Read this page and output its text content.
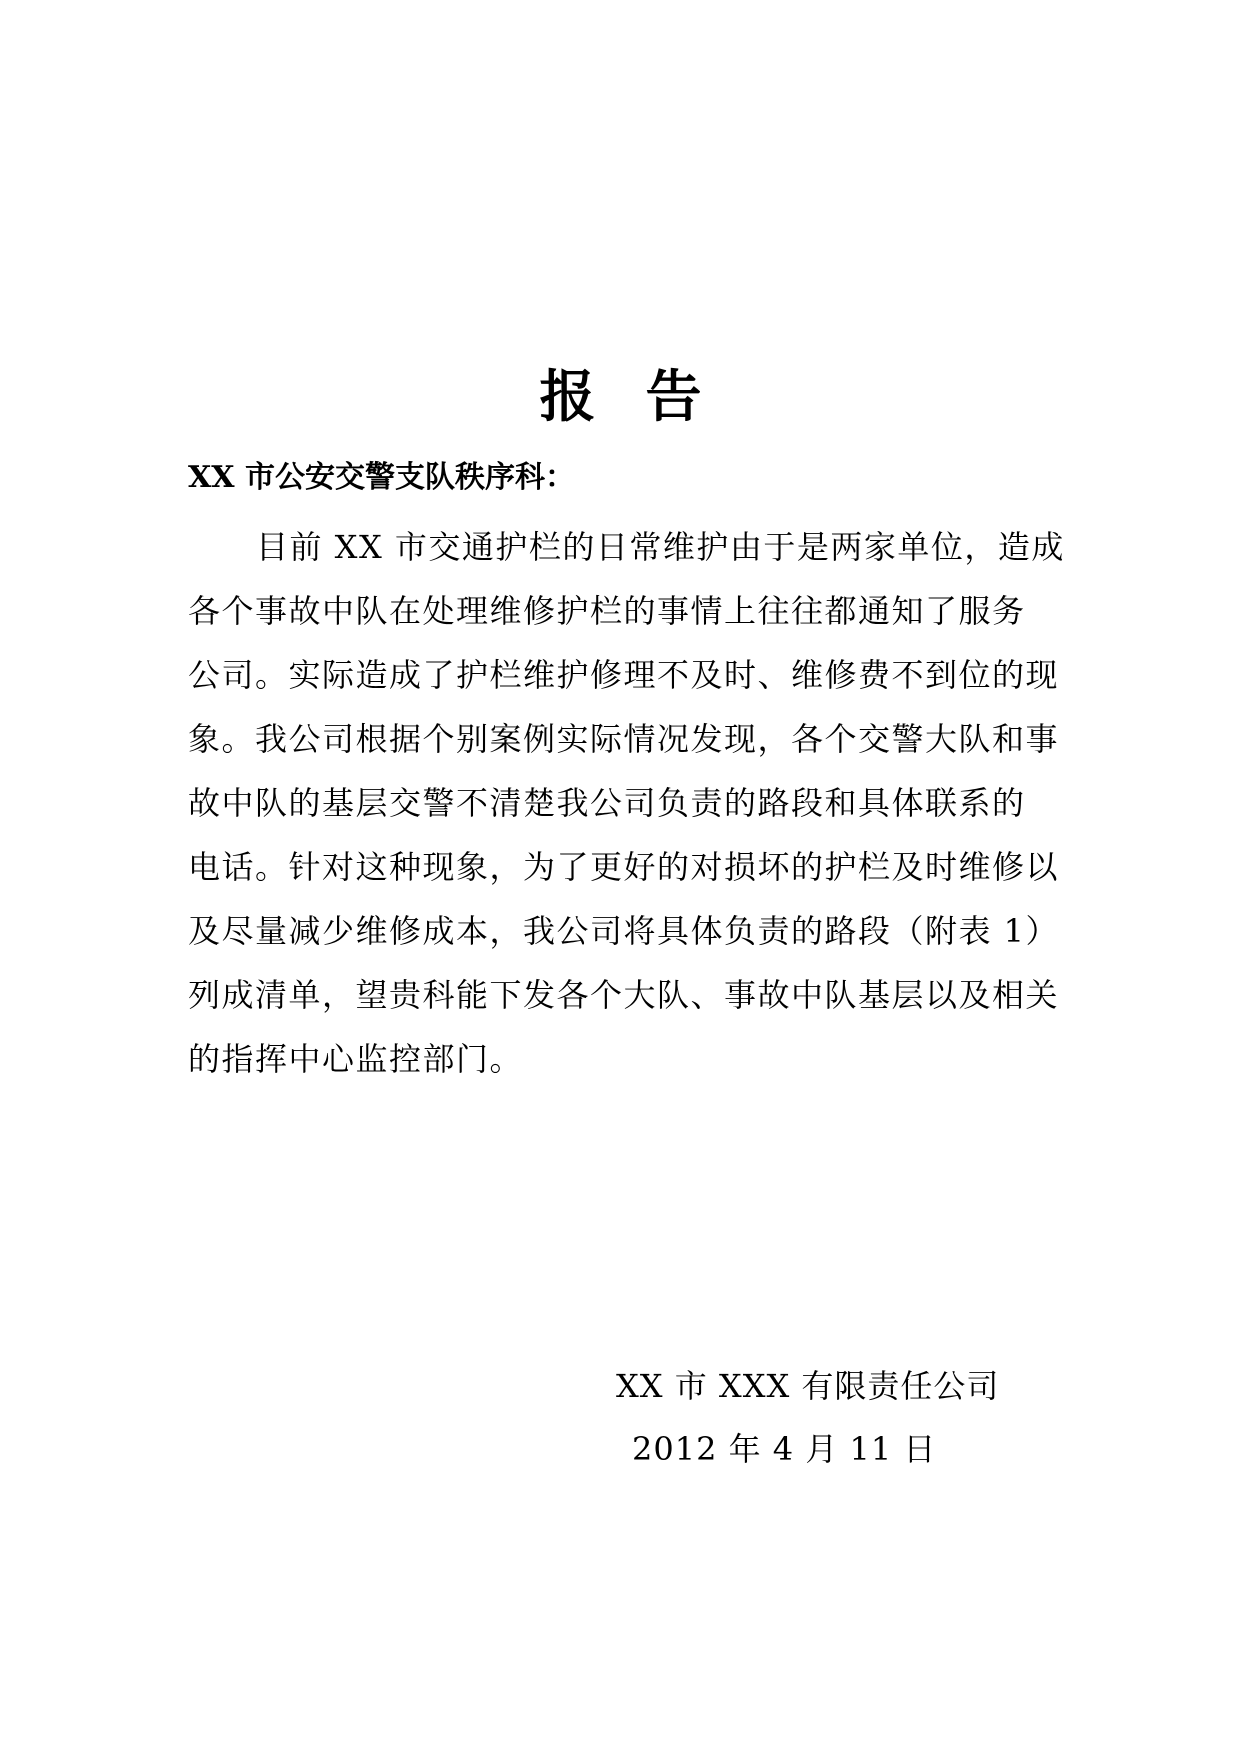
报告
XX 市公安交警支队秩序科：
目前 XX 市交通护栏的日常维护由于是两家单位，造成
各个事故中队在处理维修护栏的事情上往往都通知了服务
公司。实际造成了护栏维护修理不及时、维修费不到位的现
象。我公司根据个别案例实际情况发现，各个交警大队和事
故中队的基层交警不清楚我公司负责的路段和具体联系的
电话。针对这种现象，为了更好的对损坏的护栏及时维修以
及尽量减少维修成本，我公司将具体负责的路段（附表 1）
列成清单，望贵科能下发各个大队、事故中队基层以及相关
的指挥中心监控部门。
XX 市 XXX 有限责任公司
2012 年 4 月 11 日
